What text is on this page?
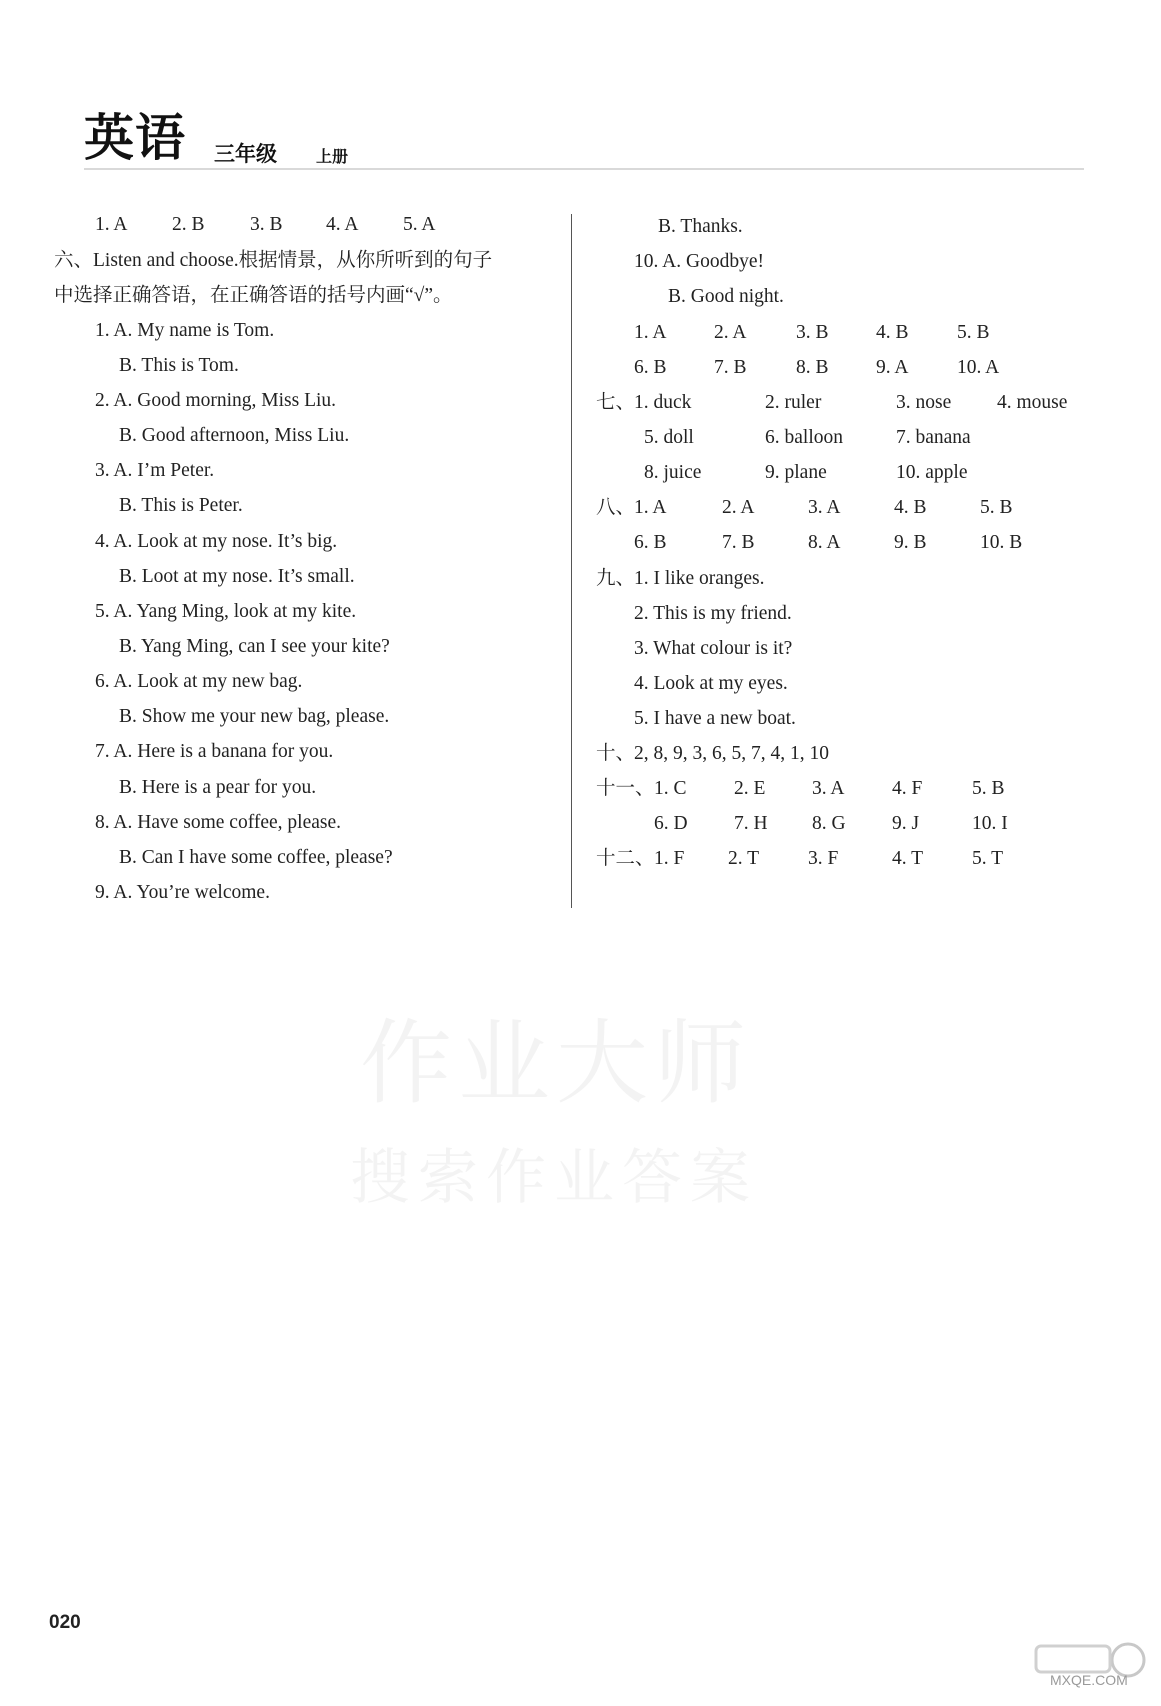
英语 三年级 上册
作业大师
搜索作业答案
1. A 2. B 3. B 4. A 5. A
六、Listen and choose.根据情景，从你所听到的句子
中选择正确答语，在正确答语的括号内画“√”。
1. A. My name is Tom.
B. This is Tom.
2. A. Good morning, Miss Liu.
B. Good afternoon, Miss Liu.
3. A. I’m Peter.
B. This is Peter.
4. A. Look at my nose. It’s big.
B. Loot at my nose. It’s small.
5. A. Yang Ming, look at my kite.
B. Yang Ming, can I see your kite?
6. A. Look at my new bag.
B. Show me your new bag, please.
7. A. Here is a banana for you.
B. Here is a pear for you.
8. A. Have some coffee, please.
B. Can I have some coffee, please?
9. A. You’re welcome.
B. Thanks.
10. A. Goodbye!
B. Good night.
1. A 2. A	3. B 4. B 5. B
6. B 7. B	8. B 9. A 10. A
七、
1. duck	2. ruler	3. nose 4. mouse
5. doll	6. balloon	7. banana
8. juice	9. plane	10. apple
八、
1. A	2. A	3. A	4. B	5. B
6. B	7. B	8. A	9. B	10. B
九、
1. I like oranges.
2. This is my friend.
3. What colour is it?
4. Look at my eyes.
5. I have a new boat.
十、
2, 8, 9, 3, 6, 5, 7, 4, 1, 10
十一、 1. C 2. E 3. A 4. F	5. B
6. D 7. H 8. G 9. J	10. I
十二、 1. F 2. T	3. F	4. T	5. T
020
MXQE.COM
